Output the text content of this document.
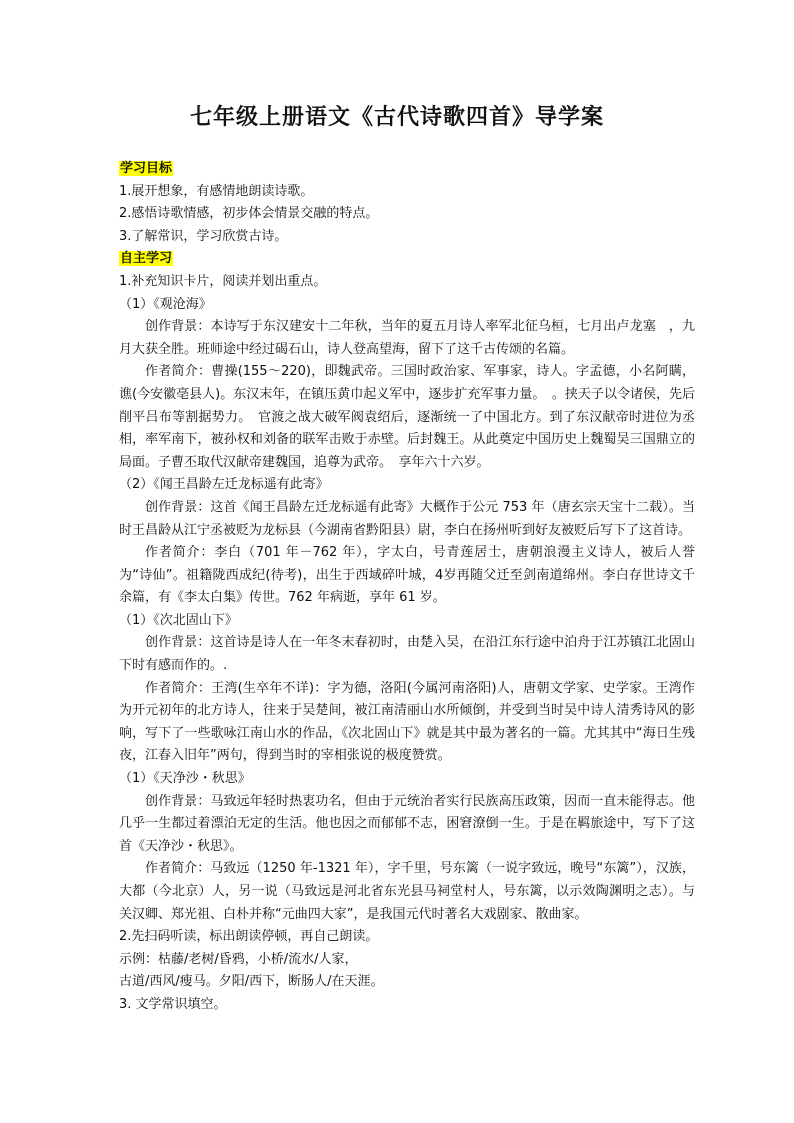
七年级上册语文《古代诗歌四首》导学案

学习目标

1.展开想象，有感情地朗读诗歌。

2.感悟诗歌情感，初步体会情景交融的特点。

3.了解常识，学习欣赏古诗。

自主学习

1.补充知识卡片，阅读并划出重点。

（1）《观沧海》

创作背景：本诗写于东汉建安十二年秋，当年的夏五月诗人率军北征乌桓，七月出卢龙塞　，九月大获全胜。班师途中经过碣石山，诗人登高望海，留下了这千古传颂的名篇。

作者简介：曹操(155～220)，即魏武帝。三国时政治家、军事家，诗人。字孟德，小名阿瞒，谯(今安徽亳县人)。东汉末年，在镇压黄巾起义军中，逐步扩充军事力量。　。挟天子以令诸侯，先后削平吕布等割据势力。　官渡之战大破军阀袁绍后，逐渐统一了中国北方。到了东汉献帝时进位为丞相，率军南下，被孙权和刘备的联军击败于赤壁。后封魏王。从此奠定中国历史上魏蜀吴三国鼎立的局面。子曹丕取代汉献帝建魏国，追尊为武帝。　享年六十六岁。

（2）《闻王昌龄左迁龙标遥有此寄》

创作背景：这首《闻王昌龄左迁龙标遥有此寄》大概作于公元 753 年（唐玄宗天宝十二载）。当时王昌龄从江宁丞被贬为龙标县（今湖南省黔阳县）尉，李白在扬州听到好友被贬后写下了这首诗。

作者简介：李白（701 年－762 年），字太白，号青莲居士，唐朝浪漫主义诗人，被后人誉为“诗仙”。祖籍陇西成纪(待考)，出生于西域碎叶城，4岁再随父迁至剑南道绵州。李白存世诗文千余篇，有《李太白集》传世。762 年病逝，享年 61 岁。

（1）《次北固山下》

创作背景：这首诗是诗人在一年冬末春初时，由楚入吴，在沿江东行途中泊舟于江苏镇江北固山下时有感而作的。.

作者简介：王湾(生卒年不详)：字为德，洛阳(今属河南洛阳)人，唐朝文学家、史学家。王湾作为开元初年的北方诗人，往来于吴楚间，被江南清丽山水所倾倒，并受到当时吴中诗人清秀诗风的影响，写下了一些歌咏江南山水的作品，《次北固山下》就是其中最为著名的一篇。尤其其中“海日生残夜，江春入旧年”两句，得到当时的宰相张说的极度赞赏。

（1）《天净沙・秋思》

创作背景：马致远年轻时热衷功名，但由于元统治者实行民族高压政策，因而一直未能得志。他几乎一生都过着漂泊无定的生活。他也因之而郁郁不志，困窘潦倒一生。于是在羁旅途中，写下了这首《天净沙・秋思》。

作者简介：马致远（1250 年-1321 年），字千里，号东篱（一说字致远，晚号“东篱”），汉族，大都（今北京）人，另一说（马致远是河北省东光县马祠堂村人，号东篱，以示效陶渊明之志）。与关汉卿、郑光祖、白朴并称“元曲四大家”，是我国元代时著名大戏剧家、散曲家。

2.先扫码听读，标出朗读停顿，再自己朗读。

示例：枯藤/老树/昏鸦，小桥/流水/人家，

古道/西风/瘦马。夕阳/西下，断肠人/在天涯。

3. 文学常识填空。
